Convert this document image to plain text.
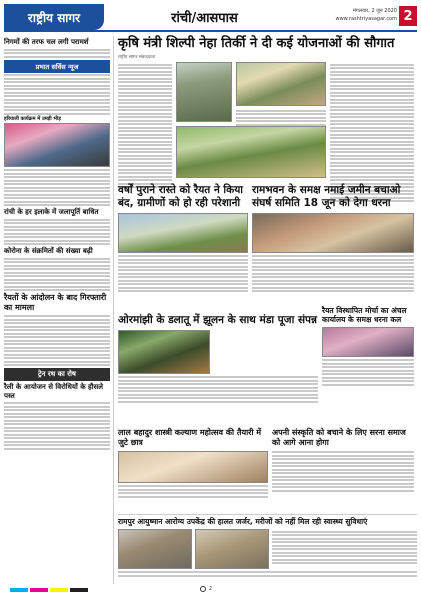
राष्ट्रीय सागर	रांची/आसपास	मंगलवार, 2 जून 2020
www.rashtriyasagar.com 2
निगमों की तरफ चल लगी परामर्श
प्रभात सर्विस न्यूज
हरियाली कार्यक्रम में उमड़ी भीड़
रांची के हर इलाके में जलापूर्ति बाधित
कोरोना के संक्रमितों की संख्या बढ़ी
रैयतों के आंदोलन के बाद गिरफ्तारी का मामला
ट्रेन रथ का रोष
रैली के आयोजन से विरोधियों के हौसले पस्त
कृषि मंत्री शिल्पी नेहा तिर्की ने दी कई योजनाओं की सौगात
राष्ट्रीय सागर संवाददाता
वर्षों पुराने रास्ते को रैयत ने किया बंद, ग्रामीणों को हो रही परेशानी
रामभवन के समक्ष नमाई जमीन बचाओ संघर्ष समिति 18 जून को देगा धरना
ओरमांझी के डलातू में झूलन के साथ मंडा पूजा संपन्न
रैयत विस्थापित मोर्चा का अंचल कार्यालय के समक्ष धरना कल
लाल बहादुर शास्त्री कल्याण महोत्सव की तैयारी में जुटे छात्र
अपनी संस्कृति को बचाने के लिए सरना समाज को आगे आना होगा
रामपुर आयुष्मान आरोग्य उपकेंद्र की हालत जर्जर, मरीजों को नहीं मिल रही स्वास्थ्य सुविधाएं
2
